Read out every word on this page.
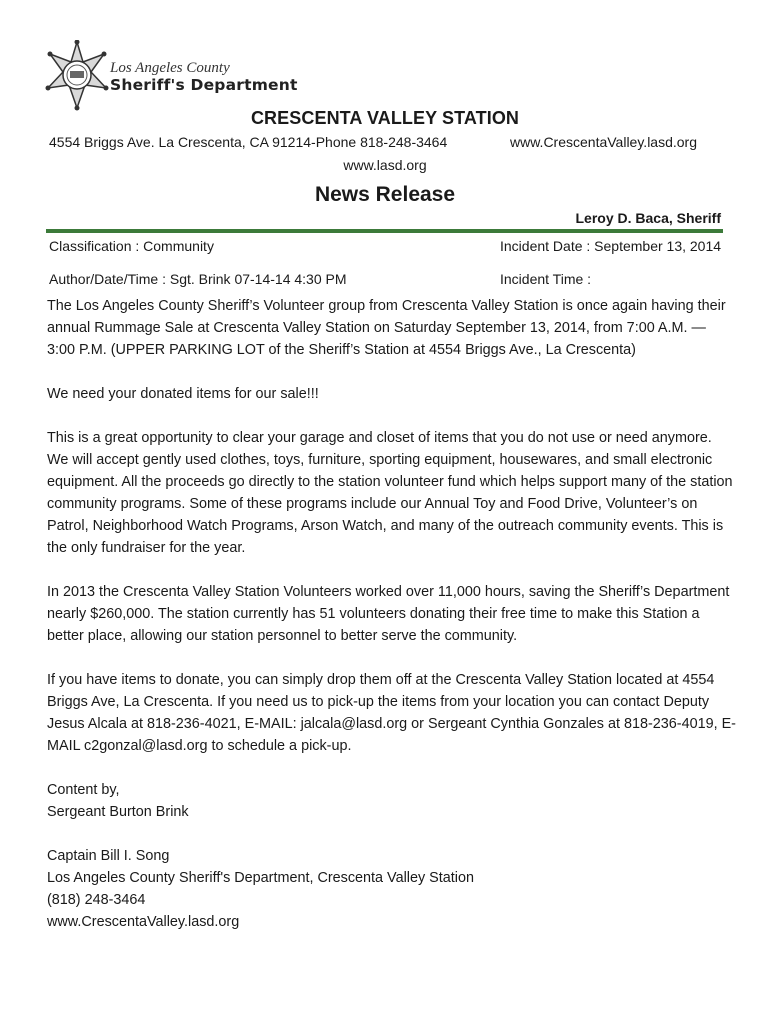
Los Angeles County
Sheriff's Department
CRESCENTA VALLEY STATION
4554 Briggs Ave. La Crescenta, CA 91214-Phone 818-248-3464	www.CrescentaValley.lasd.org
www.lasd.org
News Release
Leroy D. Baca, Sheriff
Classification : Community
Author/Date/Time : Sgt. Brink 07-14-14 4:30 PM
Incident Date : September 13, 2014
Incident Time :

The Los Angeles County Sheriff’s Volunteer group from Crescenta Valley Station is once again having their annual Rummage Sale at Crescenta Valley Station on Saturday September 13, 2014, from 7:00 A.M. — 3:00 P.M. (UPPER PARKING LOT of the Sheriff’s Station at 4554 Briggs Ave., La Crescenta)

We need your donated items for our sale!!!

This is a great opportunity to clear your garage and closet of items that you do not use or need anymore. We will accept gently used clothes, toys, furniture, sporting equipment, housewares, and small electronic equipment. All the proceeds go directly to the station volunteer fund which helps support many of the station community programs. Some of these programs include our Annual Toy and Food Drive, Volunteer’s on Patrol, Neighborhood Watch Programs, Arson Watch, and many of the outreach community events. This is the only fundraiser for the year.

In 2013 the Crescenta Valley Station Volunteers worked over 11,000 hours, saving the Sheriff’s Department nearly $260,000. The station currently has 51 volunteers donating their free time to make this Station a better place, allowing our station personnel to better serve the community.

If you have items to donate, you can simply drop them off at the Crescenta Valley Station located at 4554 Briggs Ave, La Crescenta. If you need us to pick-up the items from your location you can contact Deputy Jesus Alcala at 818-236-4021, E-MAIL: jalcala@lasd.org or Sergeant Cynthia Gonzales at 818-236-4019, E-MAIL c2gonzal@lasd.org to schedule a pick-up.

Content by,

Sergeant Burton Brink

Captain Bill I. Song

Los Angeles County Sheriff's Department, Crescenta Valley Station

(818) 248-3464

www.CrescentaValley.lasd.org
